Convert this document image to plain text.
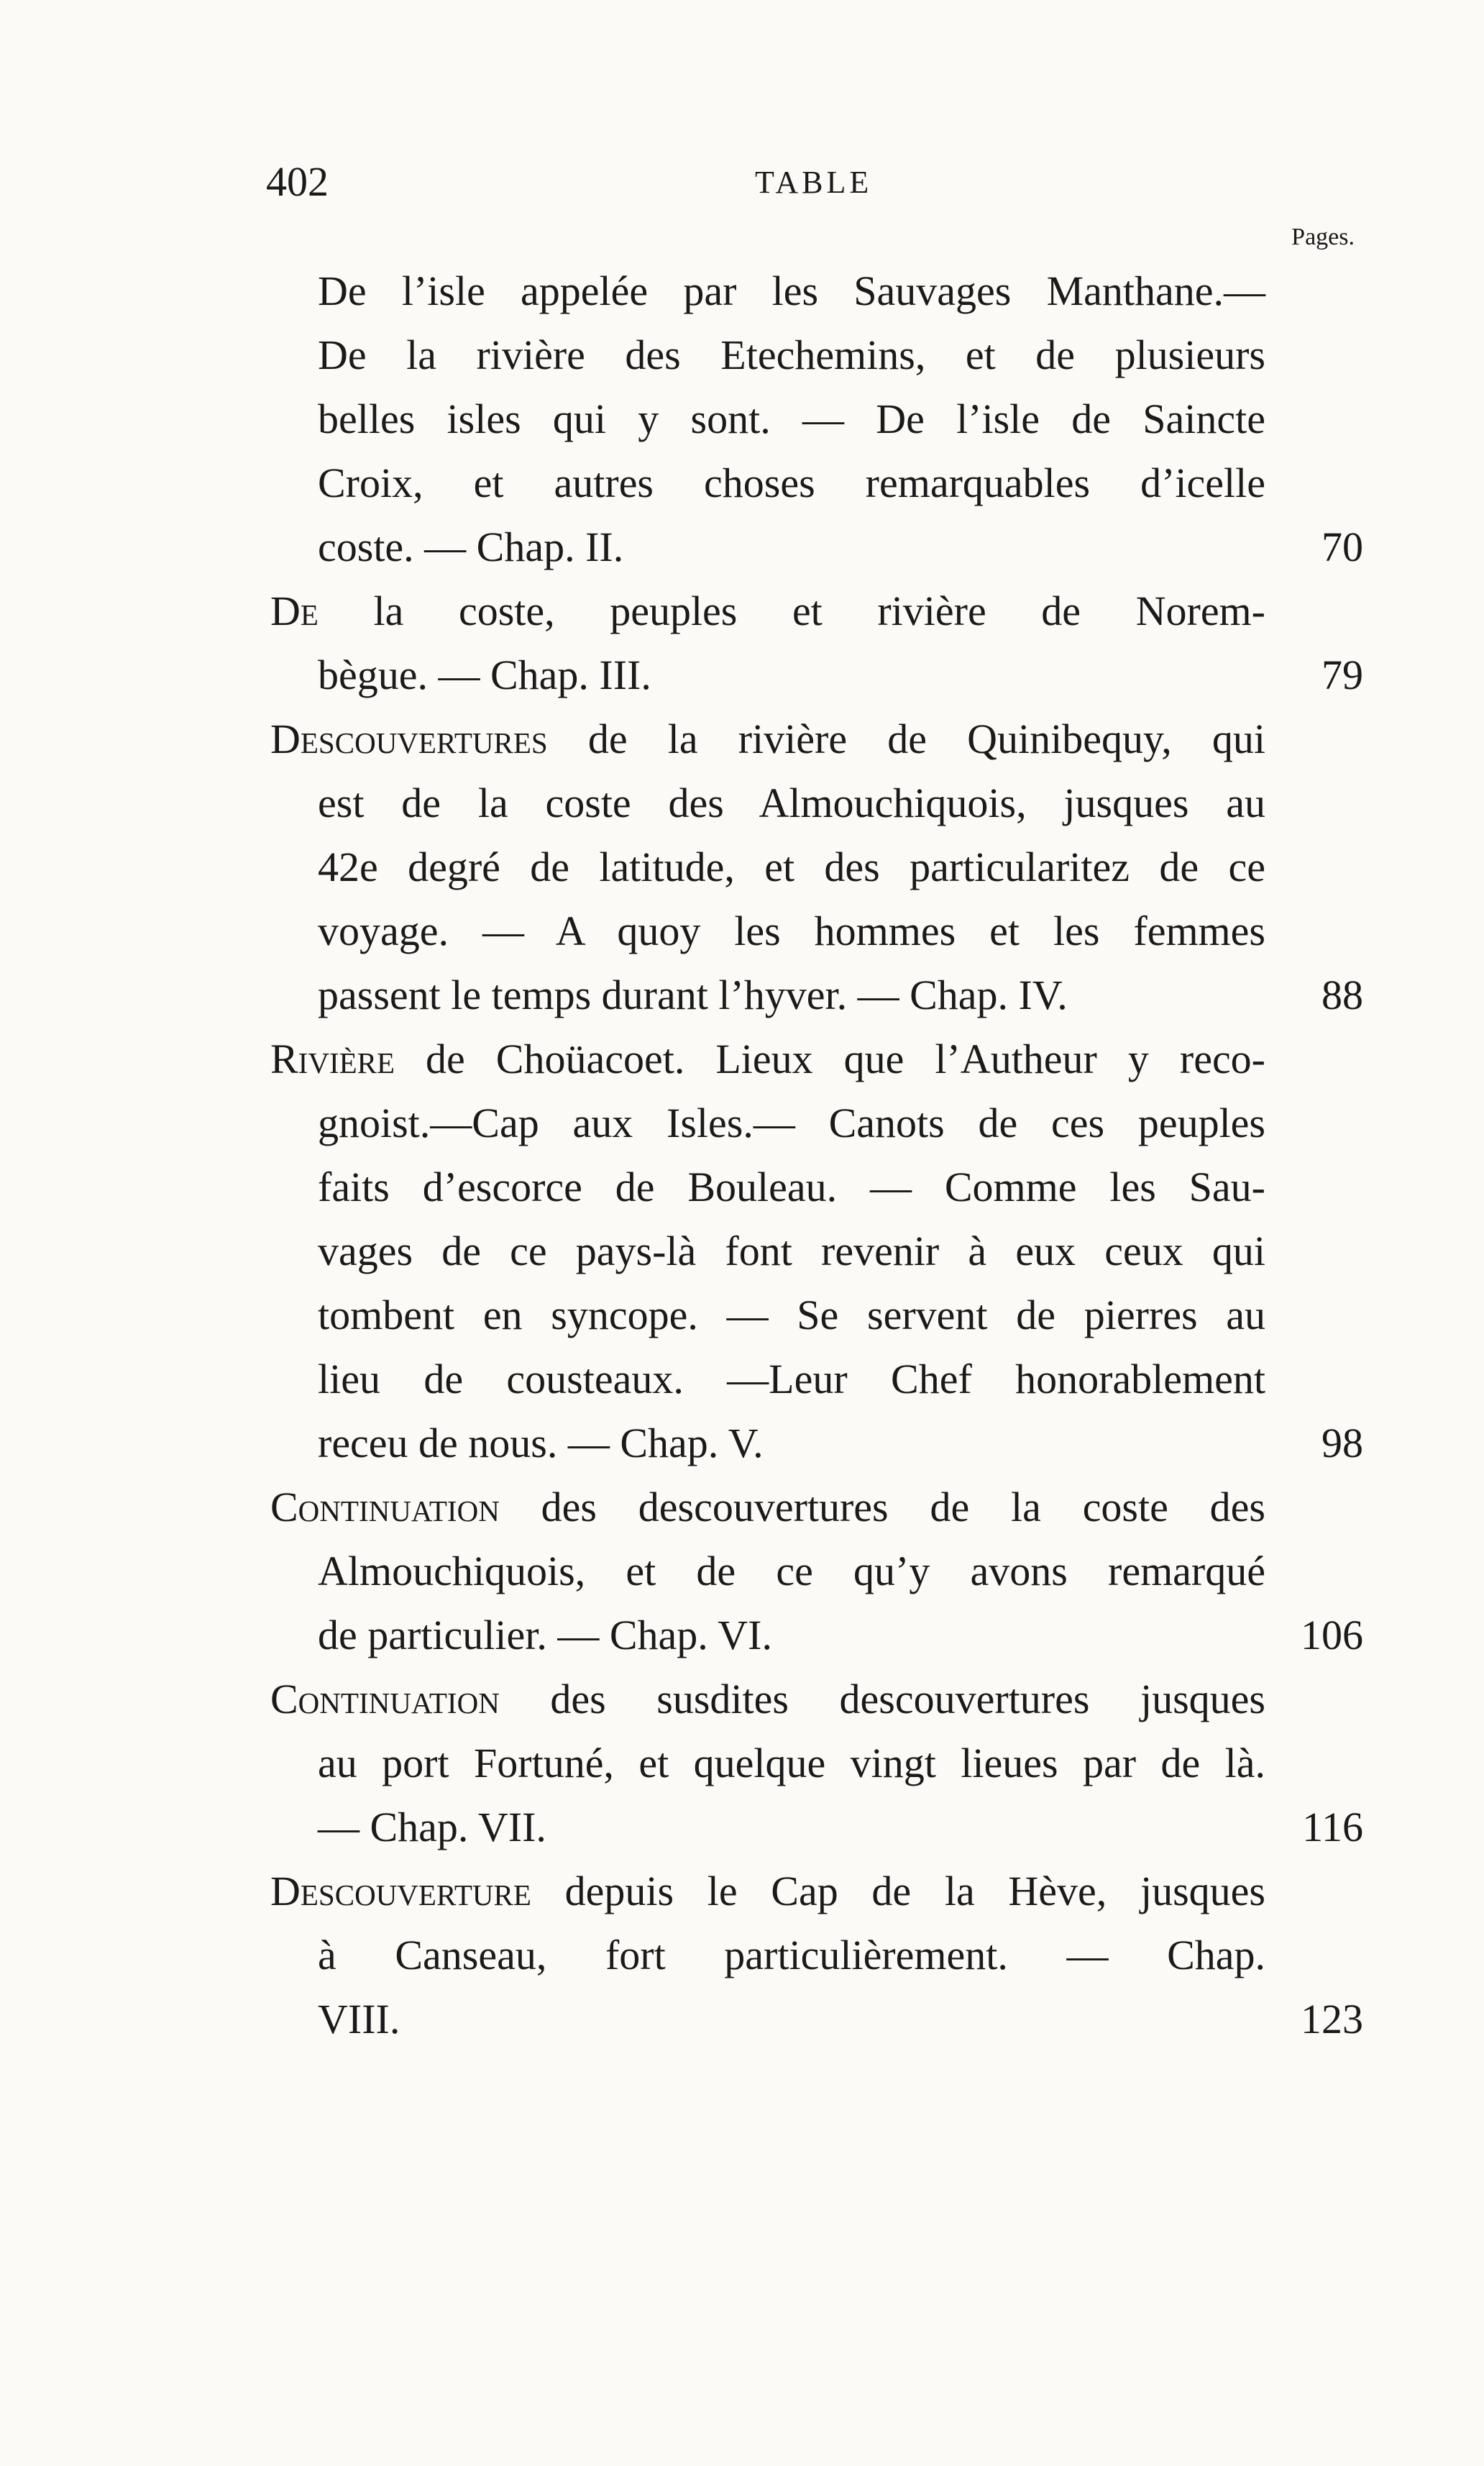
402	TABLE
Pages.
De l’isle appelée par les Sauvages Manthane.—
De la rivière des Etechemins, et de plusieurs
belles isles qui y sont. — De l’isle de Saincte
Croix, et autres choses remarquables d’icelle
coste. — Chap. II.	70
De la coste, peuples et rivière de Norem-
bègue. — Chap. III.	79
Descouvertures de la rivière de Quinibequy, qui
est de la coste des Almouchiquois, jusques au
42e degré de latitude, et des particularitez de ce
voyage. — A quoy les hommes et les femmes
passent le temps durant l’hyver. — Chap. IV.	88
Rivière de Choüacoet. Lieux que l’Autheur y reco-
gnoist.—Cap aux Isles.— Canots de ces peuples
faits d’escorce de Bouleau. — Comme les Sau-
vages de ce pays-là font revenir à eux ceux qui
tombent en syncope. — Se servent de pierres au
lieu de cousteaux. —Leur Chef honorablement
receu de nous. — Chap. V.	98
Continuation des descouvertures de la coste des
Almouchiquois, et de ce qu’y avons remarqué
de particulier. — Chap. VI.	106
Continuation des susdites descouvertures jusques
au port Fortuné, et quelque vingt lieues par de là.
— Chap. VII.	116
Descouverture depuis le Cap de la Hève, jusques
à Canseau, fort particulièrement. — Chap.
VIII.	123
